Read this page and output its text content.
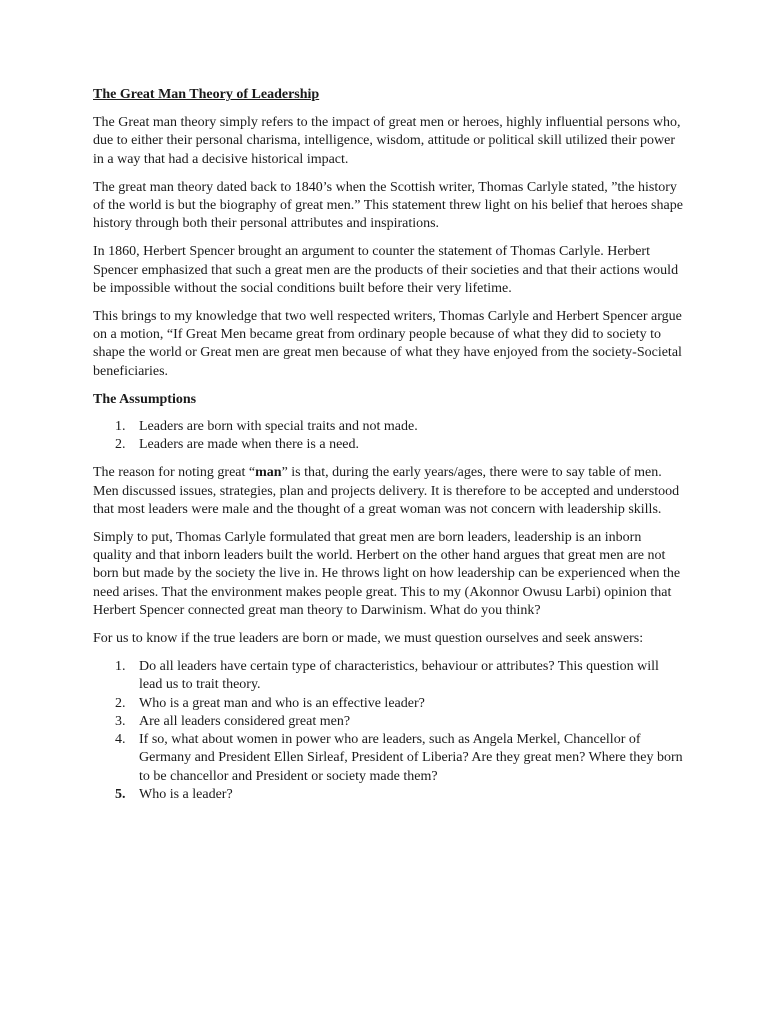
The Great Man Theory of Leadership

The Great man theory simply refers to the impact of great men or heroes, highly influential persons who, due to either their personal charisma, intelligence, wisdom, attitude or political skill utilized their power in a way that had a decisive historical impact.

The great man theory dated back to 1840’s when the Scottish writer, Thomas Carlyle stated, ”the history of the world is but the biography of great men.” This statement threw light on his belief that heroes shape history through both their personal attributes and inspirations.

In 1860, Herbert Spencer brought an argument to counter the statement of Thomas Carlyle. Herbert Spencer emphasized that such a great men are the products of their societies and that their actions would be impossible without the social conditions built before their very lifetime.

This brings to my knowledge that two well respected writers, Thomas Carlyle and Herbert Spencer argue on a motion, “If Great Men became great from ordinary people because of what they did to society to shape the world or Great men are great men because of what they have enjoyed from the society-Societal beneficiaries.

The Assumptions
1. Leaders are born with special traits and not made.
2. Leaders are made when there is a need.

The reason for noting great “man” is that, during the early years/ages, there were to say table of men. Men discussed issues, strategies, plan and projects delivery. It is therefore to be accepted and understood that most leaders were male and the thought of a great woman was not concern with leadership skills.

Simply to put, Thomas Carlyle formulated that great men are born leaders, leadership is an inborn quality and that inborn leaders built the world. Herbert on the other hand argues that great men are not born but made by the society the live in. He throws light on how leadership can be experienced when the need arises. That the environment makes people great. This to my (Akonnor Owusu Larbi) opinion that Herbert Spencer connected great man theory to Darwinism. What do you think?

For us to know if the true leaders are born or made, we must question ourselves and seek answers:

1. Do all leaders have certain type of characteristics, behaviour or attributes? This question will lead us to trait theory.
2. Who is a great man and who is an effective leader?
3. Are all leaders considered great men?
4. If so, what about women in power who are leaders, such as Angela Merkel, Chancellor of Germany and President Ellen Sirleaf, President of Liberia? Are they great men? Where they born to be chancellor and President or society made them?
5. Who is a leader?
